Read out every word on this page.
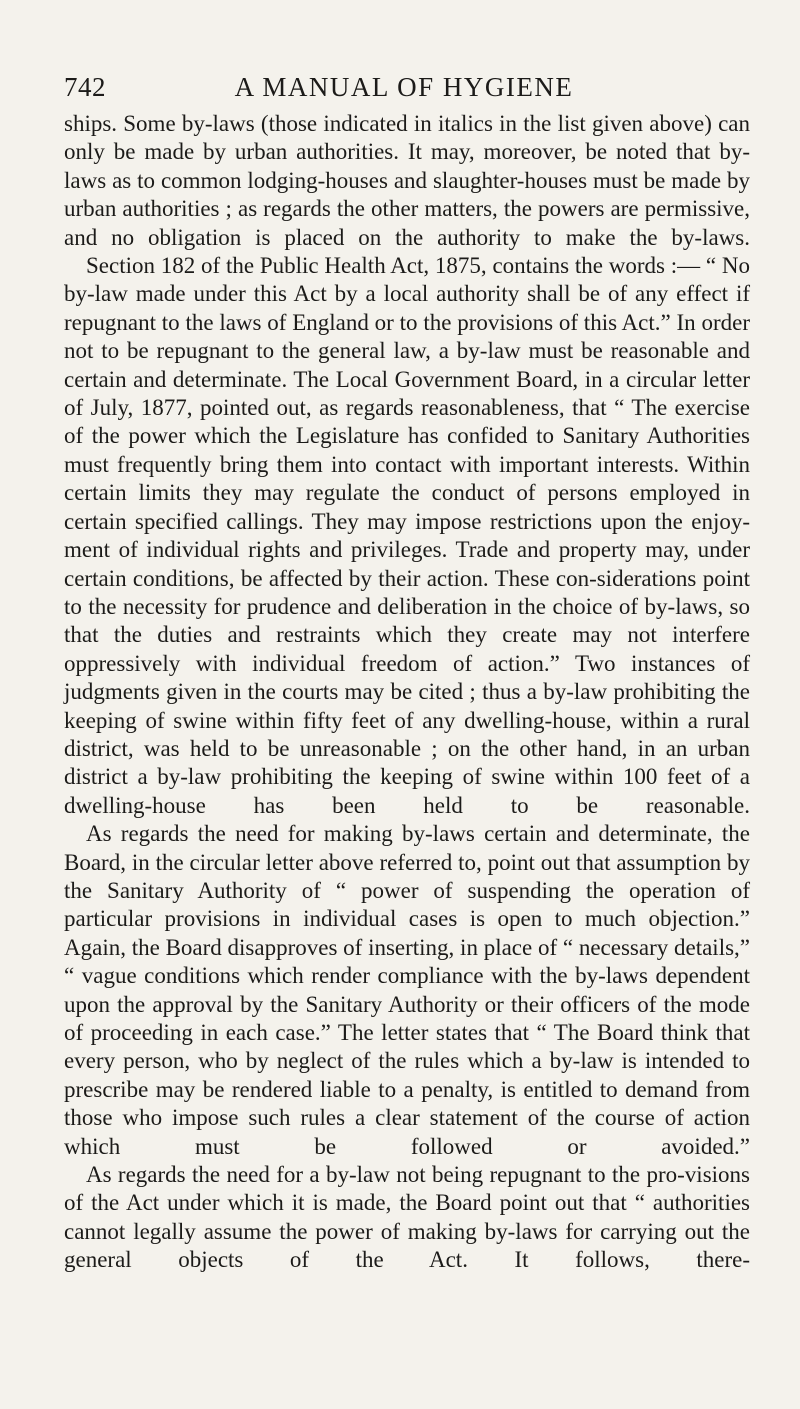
742	A MANUAL OF HYGIENE

ships. Some by-laws (those indicated in italics in the list given above) can only be made by urban authorities. It may, moreover, be noted that by-laws as to common lodging-houses and slaughter-houses must be made by urban authorities ; as regards the other matters, the powers are permissive, and no obligation is placed on the authority to make the by-laws.

Section 182 of the Public Health Act, 1875, contains the words :— “ No by-law made under this Act by a local authority shall be of any effect if repugnant to the laws of England or to the provisions of this Act.” In order not to be repugnant to the general law, a by-law must be reasonable and certain and determinate. The Local Government Board, in a circular letter of July, 1877, pointed out, as regards reasonableness, that “ The exercise of the power which the Legislature has confided to Sanitary Authorities must frequently bring them into contact with important interests. Within certain limits they may regulate the conduct of persons employed in certain specified callings. They may impose restrictions upon the enjoy-ment of individual rights and privileges. Trade and property may, under certain conditions, be affected by their action. These con-siderations point to the necessity for prudence and deliberation in the choice of by-laws, so that the duties and restraints which they create may not interfere oppressively with individual freedom of action.” Two instances of judgments given in the courts may be cited ; thus a by-law prohibiting the keeping of swine within fifty feet of any dwelling-house, within a rural district, was held to be unreasonable ; on the other hand, in an urban district a by-law prohibiting the keeping of swine within 100 feet of a dwelling-house has been held to be reasonable.

As regards the need for making by-laws certain and determinate, the Board, in the circular letter above referred to, point out that assumption by the Sanitary Authority of “ power of suspending the operation of particular provisions in individual cases is open to much objection.” Again, the Board disapproves of inserting, in place of “ necessary details,” “ vague conditions which render compliance with the by-laws dependent upon the approval by the Sanitary Authority or their officers of the mode of proceeding in each case.” The letter states that “ The Board think that every person, who by neglect of the rules which a by-law is intended to prescribe may be rendered liable to a penalty, is entitled to demand from those who impose such rules a clear statement of the course of action which must be followed or avoided.”

As regards the need for a by-law not being repugnant to the pro-visions of the Act under which it is made, the Board point out that “ authorities cannot legally assume the power of making by-laws for carrying out the general objects of the Act. It follows, there-
